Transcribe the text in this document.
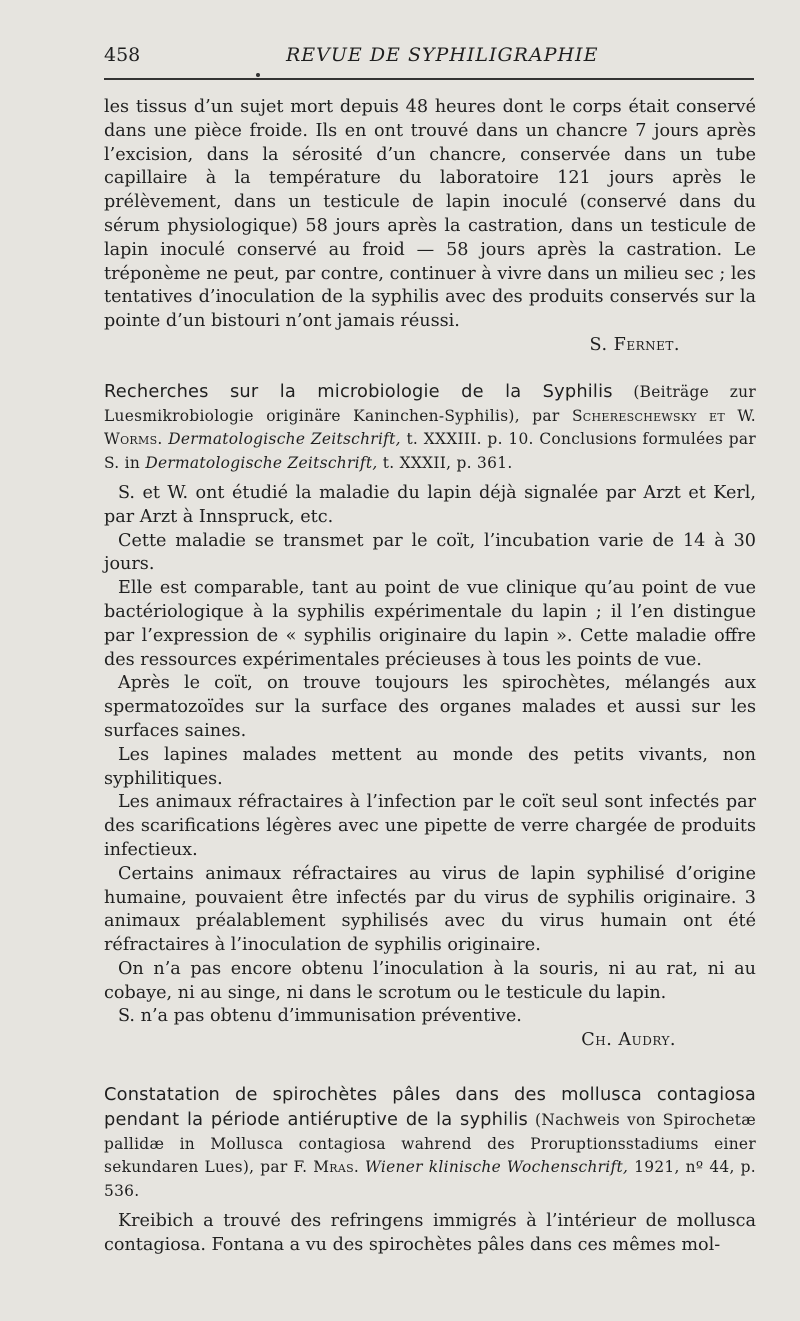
458	REVUE DE SYPHILIGRAPHIE

les tissus d’un sujet mort depuis 48 heures dont le corps était conservé dans une pièce froide. Ils en ont trouvé dans un chancre 7 jours après l’excision, dans la sérosité d’un chancre, conservée dans un tube capillaire à la température du laboratoire 121 jours après le prélèvement, dans un testicule de lapin inoculé (conservé dans du sérum physiologique) 58 jours après la castration, dans un testicule de lapin inoculé conservé au froid — 58 jours après la castration. Le tréponème ne peut, par contre, continuer à vivre dans un milieu sec ; les tentatives d’inoculation de la syphilis avec des produits conservés sur la pointe d’un bistouri n’ont jamais réussi.

S. Fernet.

Recherches sur la microbiologie de la Syphilis (Beiträge zur Luesmikrobiologie originäre Kaninchen-Syphilis), par Schereschewsky et W. Worms. Dermatologische Zeitschrift, t. XXXIII. p. 10. Conclusions formulées par S. in Dermatologische Zeitschrift, t. XXXII, p. 361.

S. et W. ont étudié la maladie du lapin déjà signalée par Arzt et Kerl, par Arzt à Innspruck, etc.

Cette maladie se transmet par le coït, l’incubation varie de 14 à 30 jours.

Elle est comparable, tant au point de vue clinique qu’au point de vue bactériologique à la syphilis expérimentale du lapin ; il l’en distingue par l’expression de « syphilis originaire du lapin ». Cette maladie offre des ressources expérimentales précieuses à tous les points de vue.

Après le coït, on trouve toujours les spirochètes, mélangés aux spermatozoïdes sur la surface des organes malades et aussi sur les surfaces saines.

Les lapines malades mettent au monde des petits vivants, non syphilitiques.

Les animaux réfractaires à l’infection par le coït seul sont infectés par des scarifications légères avec une pipette de verre chargée de produits infectieux.

Certains animaux réfractaires au virus de lapin syphilisé d’origine humaine, pouvaient être infectés par du virus de syphilis originaire. 3 animaux préalablement syphilisés avec du virus humain ont été réfractaires à l’inoculation de syphilis originaire.

On n’a pas encore obtenu l’inoculation à la souris, ni au rat, ni au cobaye, ni au singe, ni dans le scrotum ou le testicule du lapin.

S. n’a pas obtenu d’immunisation préventive.

Ch. Audry.

Constatation de spirochètes pâles dans des mollusca contagiosa pendant la période antiéruptive de la syphilis (Nachweis von Spirochetæ pallidæ in Mollusca contagiosa wahrend des Proruptionsstadiums einer sekundaren Lues), par F. Mras. Wiener klinische Wochenschrift, 1921, nº 44, p. 536.

Kreibich a trouvé des refringens immigrés à l’intérieur de mollusca contagiosa. Fontana a vu des spirochètes pâles dans ces mêmes mol-
